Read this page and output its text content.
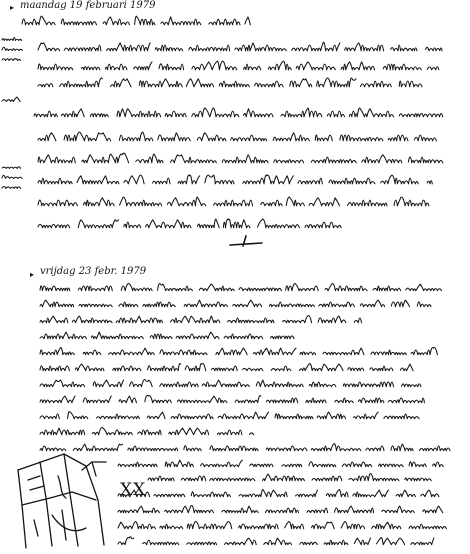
▸ maandag 19 februari 1979
▸ vrijdag 23 febr. 1979
XX
